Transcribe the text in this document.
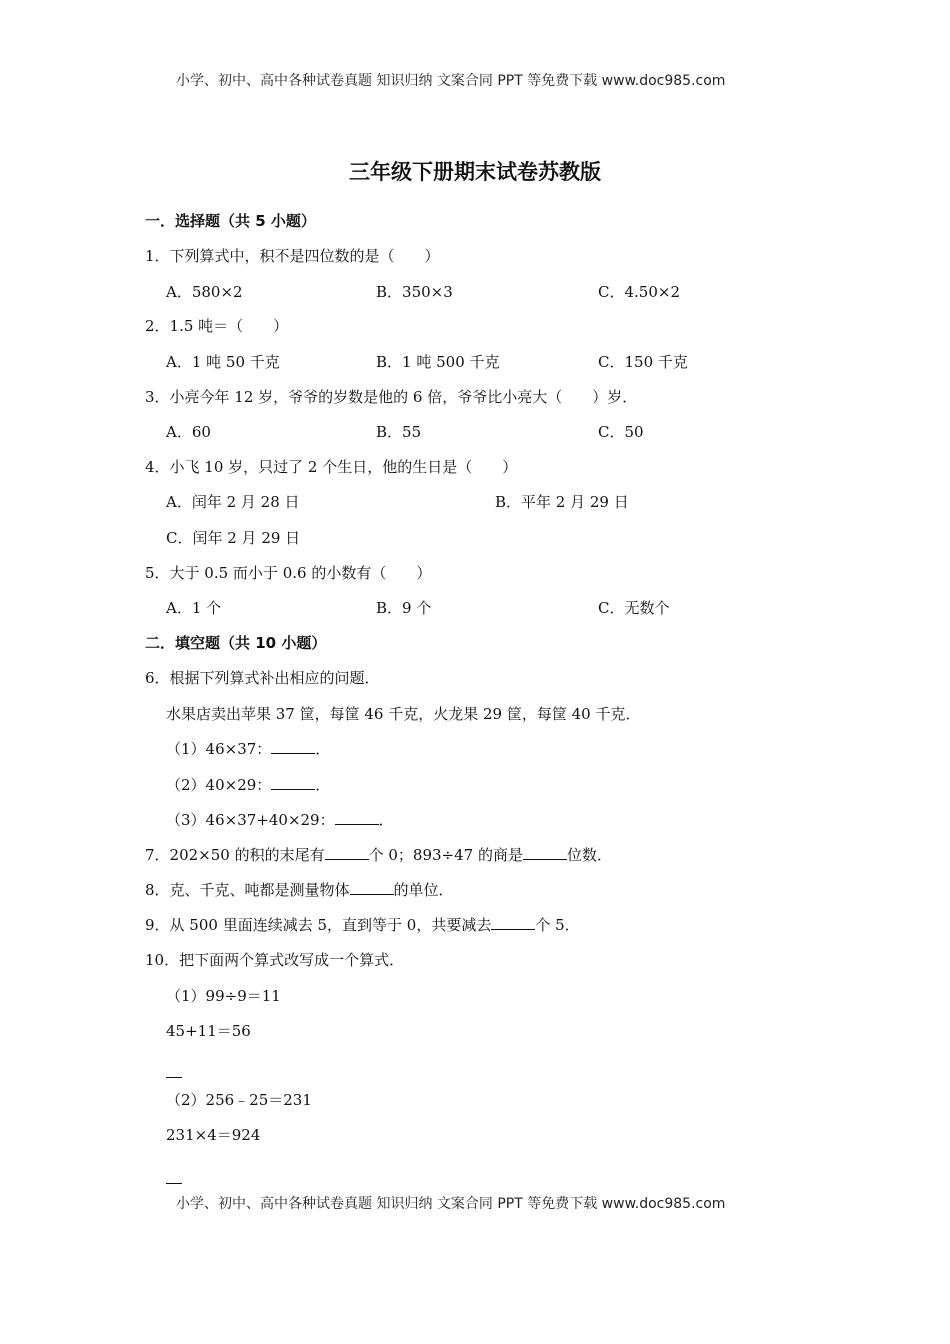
小学、初中、高中各种试卷真题 知识归纳 文案合同 PPT 等免费下载 www.doc985.com
三年级下册期末试卷苏教版
一．选择题（共 5 小题）
1．下列算式中，积不是四位数的是（　　）
A．580×2	B．350×3	C．4.50×2
2．1.5 吨＝（　　）
A．1 吨 50 千克	B．1 吨 500 千克	C．150 千克
3．小亮今年 12 岁，爷爷的岁数是他的 6 倍，爷爷比小亮大（　　）岁．
A．60	B．55	C．50
4．小飞 10 岁，只过了 2 个生日，他的生日是（　　）
A．闰年 2 月 28 日	B．平年 2 月 29 日
C．闰年 2 月 29 日
5．大于 0.5 而小于 0.6 的小数有（　　）
A．1 个	B．9 个	C．无数个
二．填空题（共 10 小题）
6．根据下列算式补出相应的问题．
水果店卖出苹果 37 筐，每筐 46 千克，火龙果 29 筐，每筐 40 千克．
（1）46×37：	．
（2）40×29：	．
（3）46×37+40×29：	．
7．202×50 的积的末尾有	个 0；893÷47 的商是	位数．
8．克、千克、吨都是测量物体	的单位．
9．从 500 里面连续减去 5，直到等于 0，共要减去	个 5．
10．把下面两个算式改写成一个算式．
（1）99÷9＝11
45+11＝56
（2）256﹣25＝231
231×4＝924
小学、初中、高中各种试卷真题 知识归纳 文案合同 PPT 等免费下载 www.doc985.com
